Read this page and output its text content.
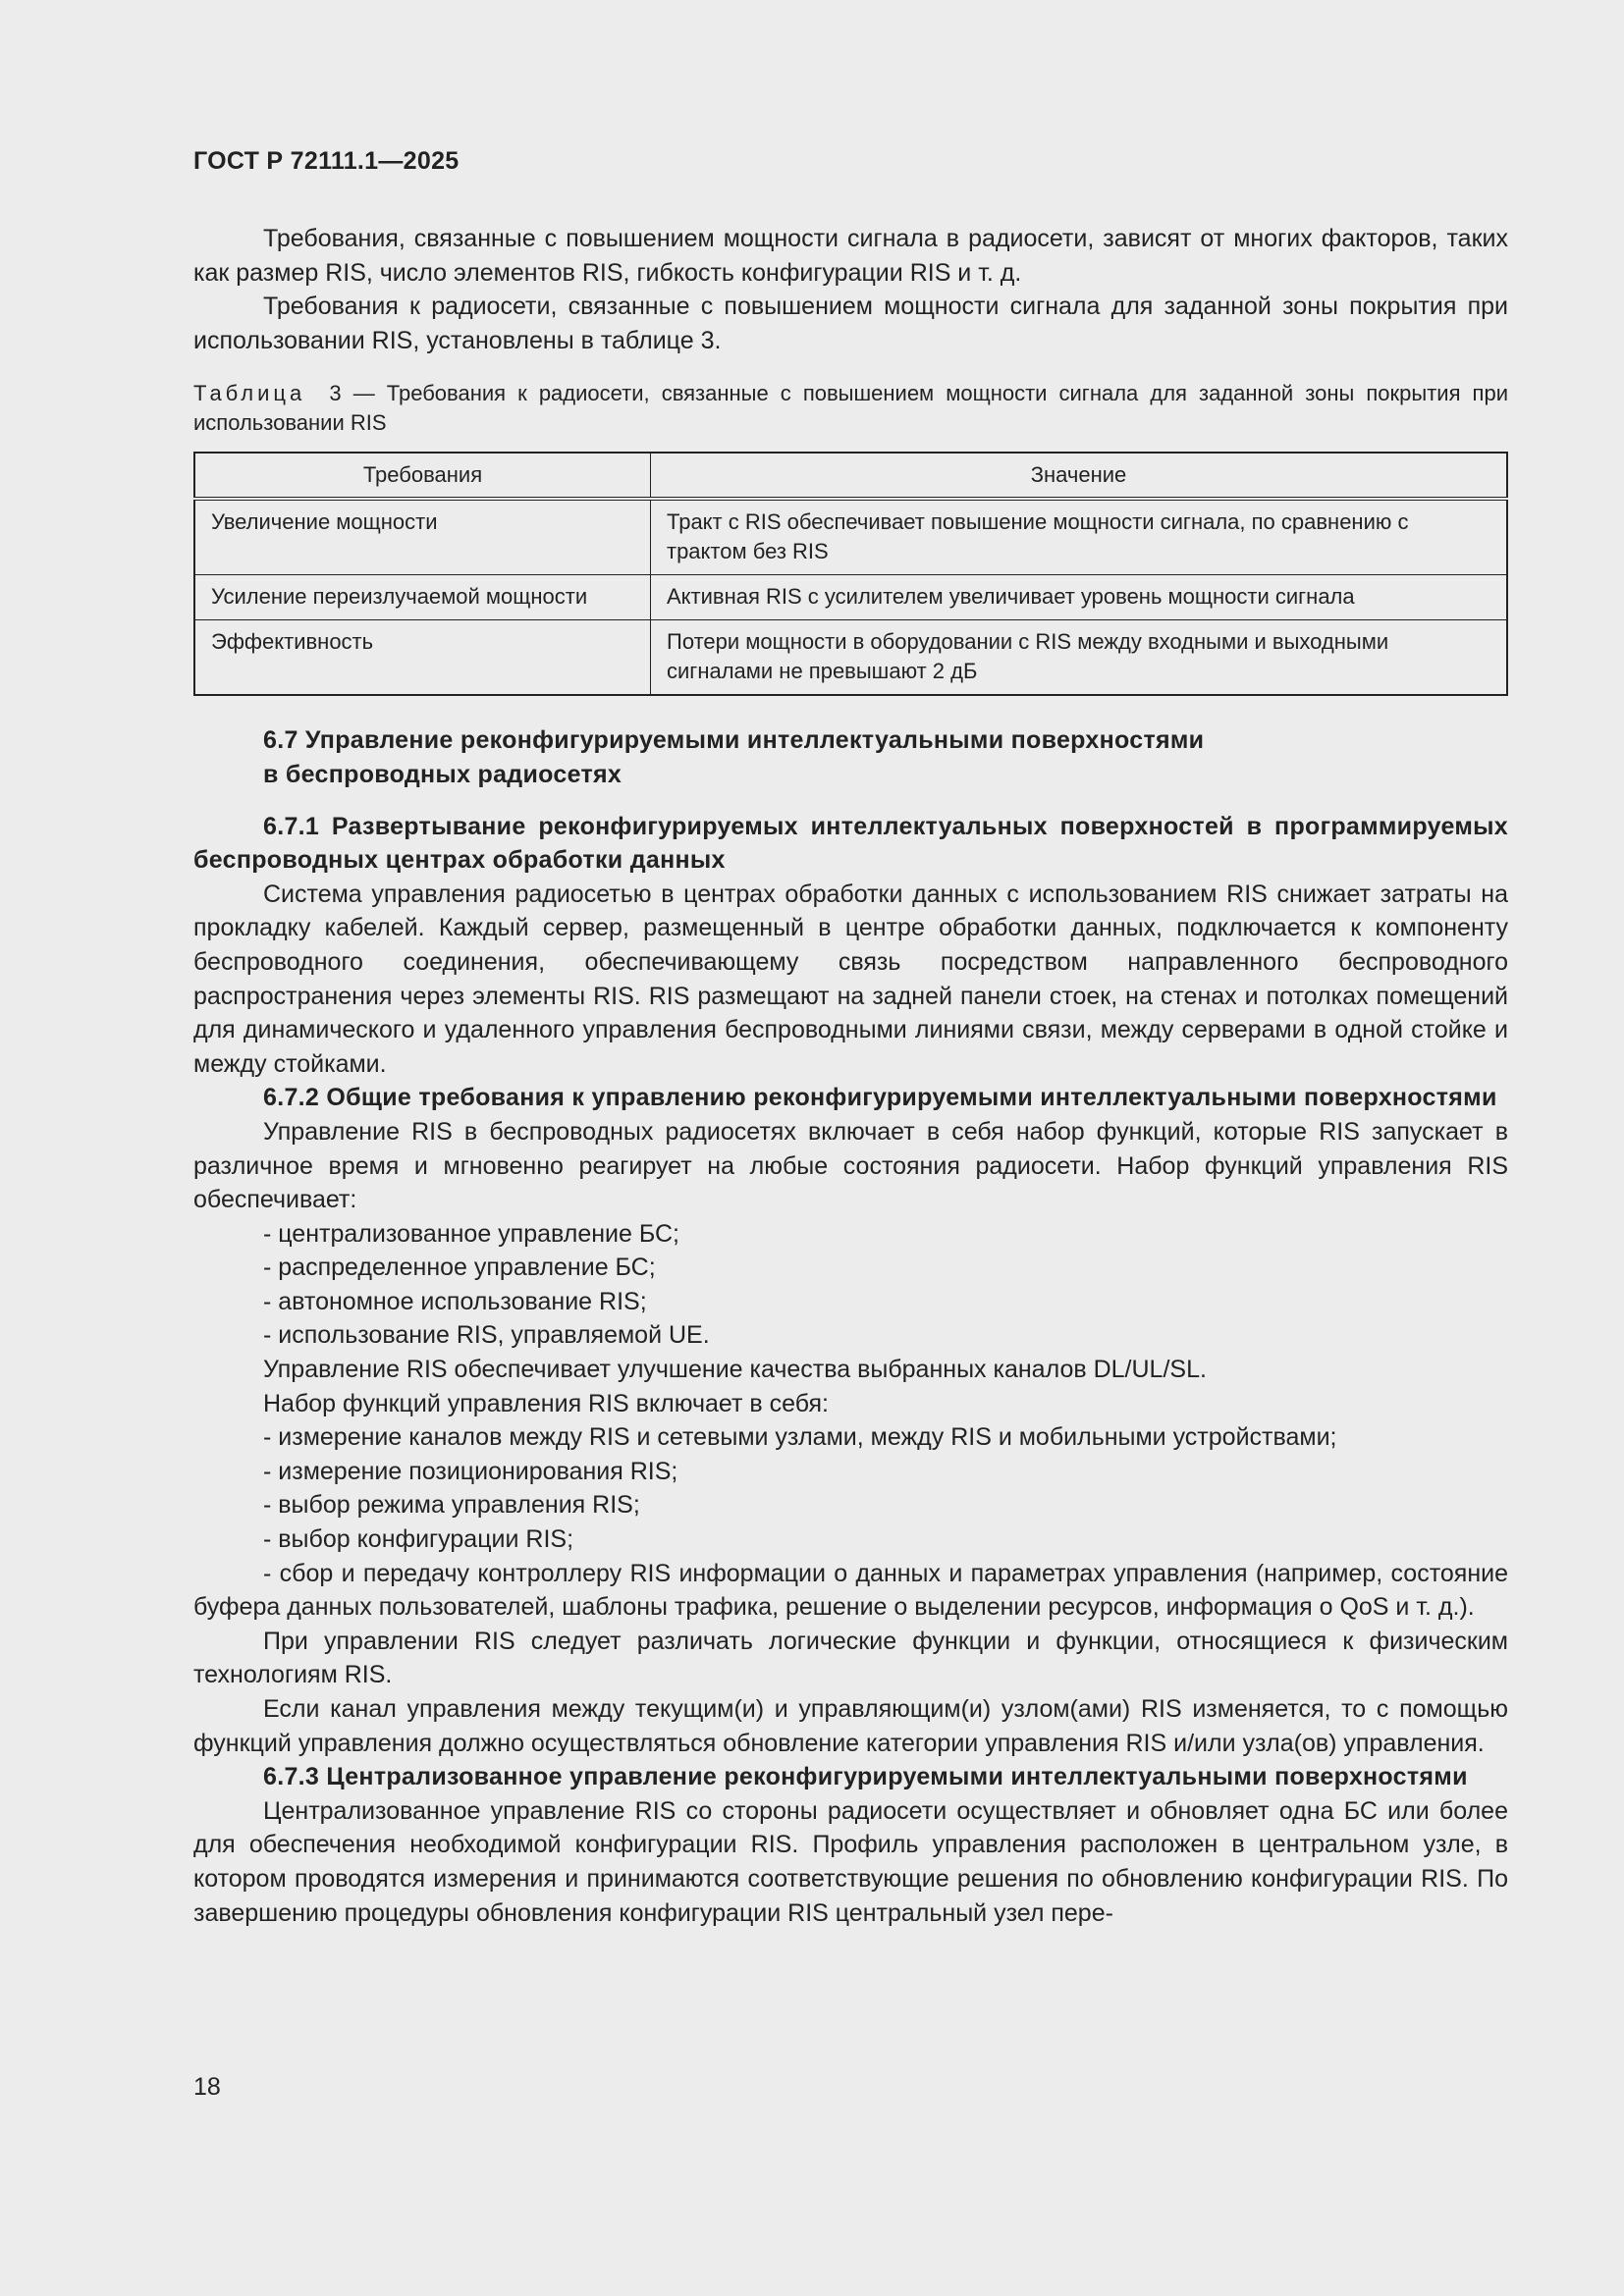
ГОСТ Р 72111.1—2025

Требования, связанные с повышением мощности сигнала в радиосети, зависят от многих факторов, таких как размер RIS, число элементов RIS, гибкость конфигурации RIS и т. д.

Требования к радиосети, связанные с повышением мощности сигнала для заданной зоны покрытия при использовании RIS, установлены в таблице 3.

Таблица 3 — Требования к радиосети, связанные с повышением мощности сигнала для заданной зоны покрытия при использовании RIS
Требования	Значение
Увеличение мощности	Тракт с RIS обеспечивает повышение мощности сигнала, по сравнению с трактом без RIS
Усиление переизлучаемой мощности	Активная RIS с усилителем увеличивает уровень мощности сигнала
Эффективность	Потери мощности в оборудовании с RIS между входными и выходными сигналами не превышают 2 дБ
6.7 Управление реконфигурируемыми интеллектуальными поверхностями
в беспроводных радиосетях
6.7.1 Развертывание реконфигурируемых интеллектуальных поверхностей в программируемых беспроводных центрах обработки данных

Система управления радиосетью в центрах обработки данных с использованием RIS снижает затраты на прокладку кабелей. Каждый сервер, размещенный в центре обработки данных, подключается к компоненту беспроводного соединения, обеспечивающему связь посредством направленного беспроводного распространения через элементы RIS. RIS размещают на задней панели стоек, на стенах и потолках помещений для динамического и удаленного управления беспроводными линиями связи, между серверами в одной стойке и между стойками.

6.7.2 Общие требования к управлению реконфигурируемыми интеллектуальными поверхностями

Управление RIS в беспроводных радиосетях включает в себя набор функций, которые RIS запускает в различное время и мгновенно реагирует на любые состояния радиосети. Набор функций управления RIS обеспечивает:

- централизованное управление БС;

- распределенное управление БС;

- автономное использование RIS;

- использование RIS, управляемой UE.

Управление RIS обеспечивает улучшение качества выбранных каналов DL/UL/SL.

Набор функций управления RIS включает в себя:

- измерение каналов между RIS и сетевыми узлами, между RIS и мобильными устройствами;

- измерение позиционирования RIS;

- выбор режима управления RIS;

- выбор конфигурации RIS;

- сбор и передачу контроллеру RIS информации о данных и параметрах управления (например, состояние буфера данных пользователей, шаблоны трафика, решение о выделении ресурсов, информация о QoS и т. д.).

При управлении RIS следует различать логические функции и функции, относящиеся к физическим технологиям RIS.

Если канал управления между текущим(и) и управляющим(и) узлом(ами) RIS изменяется, то с помощью функций управления должно осуществляться обновление категории управления RIS и/или узла(ов) управления.

6.7.3 Централизованное управление реконфигурируемыми интеллектуальными поверхностями

Централизованное управление RIS со стороны радиосети осуществляет и обновляет одна БС или более для обеспечения необходимой конфигурации RIS. Профиль управления расположен в центральном узле, в котором проводятся измерения и принимаются соответствующие решения по обновлению конфигурации RIS. По завершению процедуры обновления конфигурации RIS центральный узел пере-

18
